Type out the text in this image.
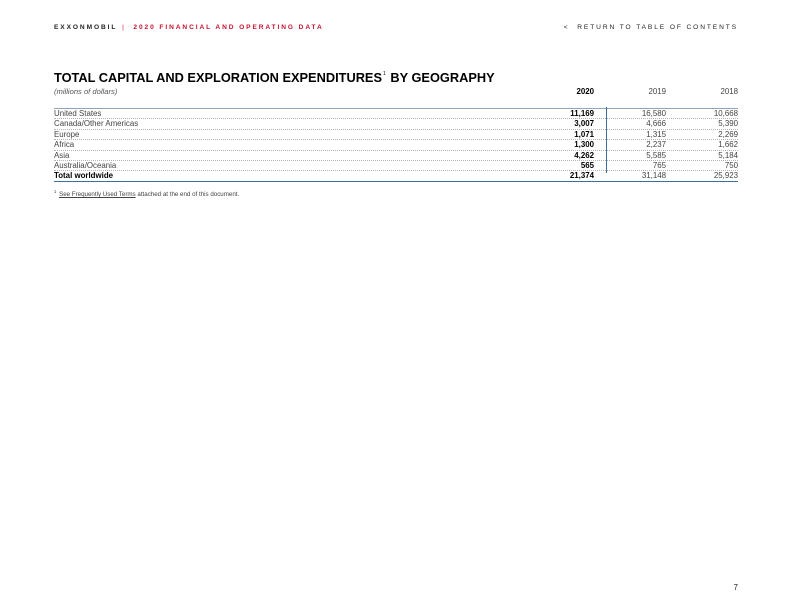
EXXONMOBIL | 2020 FINANCIAL AND OPERATING DATA	< RETURN TO TABLE OF CONTENTS
TOTAL CAPITAL AND EXPLORATION EXPENDITURES$^1$ BY GEOGRAPHY
(millions of dollars)	2020	2019	2018
United States	11,169	16,580	10,668
Canada/Other Americas	3,007	4,666	5,390
Europe	1,071	1,315	2,269
Africa	1,300	2,237	1,662
Asia	4,262	5,585	5,184
Australia/Oceania	565	765	750
Total worldwide	21,374	31,148	25,923
$^1$ See Frequently Used Terms attached at the end of this document.
7
